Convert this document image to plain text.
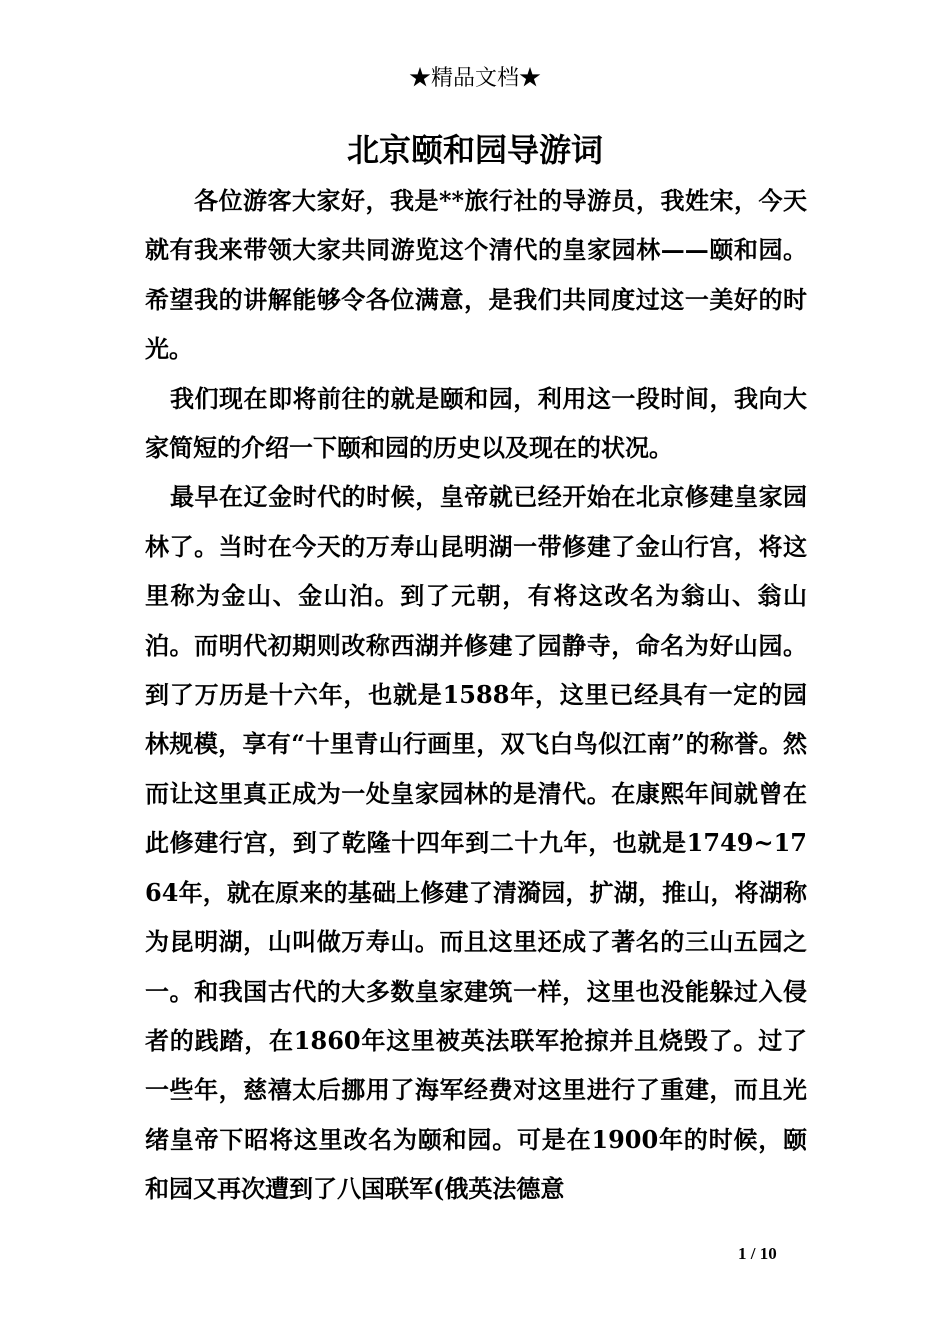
★精品文档★
北京颐和园导游词

各位游客大家好，我是**旅行社的导游员，我姓宋，今天就有我来带领大家共同游览这个清代的皇家园林——颐和园。希望我的讲解能够令各位满意，是我们共同度过这一美好的时光。

我们现在即将前往的就是颐和园，利用这一段时间，我向大家简短的介绍一下颐和园的历史以及现在的状况。

最早在辽金时代的时候，皇帝就已经开始在北京修建皇家园林了。当时在今天的万寿山昆明湖一带修建了金山行宫，将这里称为金山、金山泊。到了元朝，有将这改名为翁山、翁山泊。而明代初期则改称西湖并修建了园静寺，命名为好山园。到了万历是十六年，也就是1588年，这里已经具有一定的园林规模，享有“十里青山行画里，双飞白鸟似江南”的称誉。然而让这里真正成为一处皇家园林的是清代。在康熙年间就曾在此修建行宫，到了乾隆十四年到二十九年，也就是1749~1764年，就在原来的基础上修建了清漪园，扩湖，推山，将湖称为昆明湖，山叫做万寿山。而且这里还成了著名的三山五园之一。和我国古代的大多数皇家建筑一样，这里也没能躲过入侵者的践踏，在1860年这里被英法联军抢掠并且烧毁了。过了一些年，慈禧太后挪用了海军经费对这里进行了重建，而且光绪皇帝下昭将这里改名为颐和园。可是在1900年的时候，颐和园又再次遭到了八国联军(俄英法德意

1 / 10
